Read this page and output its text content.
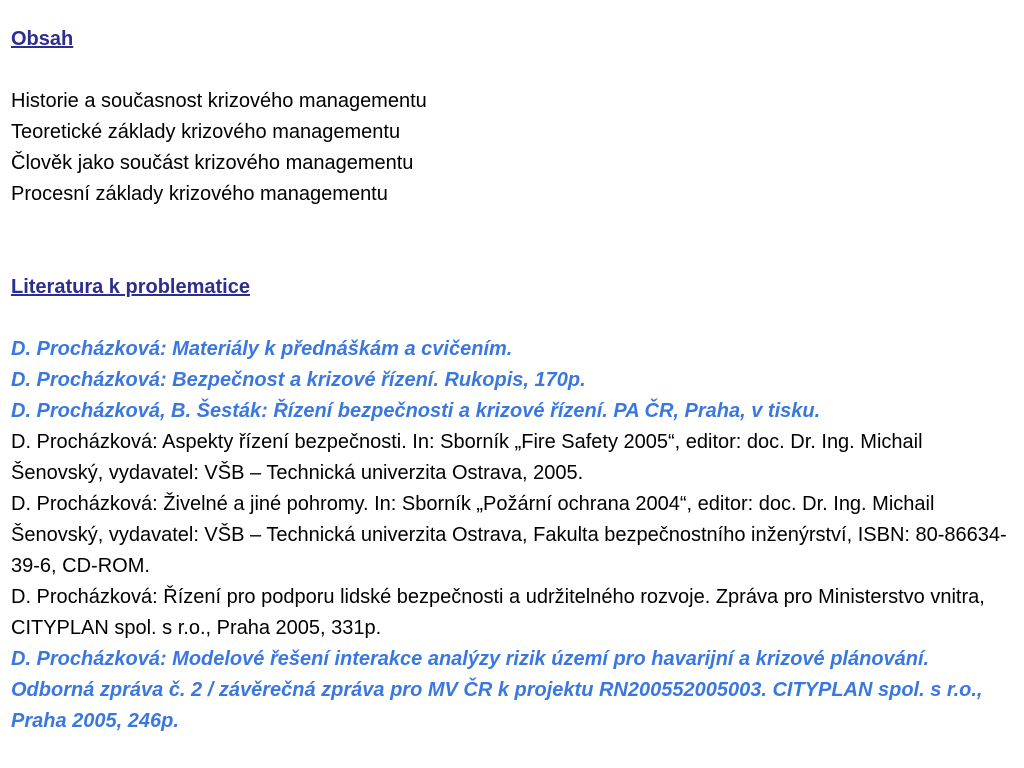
Obsah

Historie a současnost krizového managementu

Teoretické základy krizového managementu

Člověk jako součást krizového managementu

Procesní základy krizového managementu

Literatura k problematice

D. Procházková: Materiály k přednáškám a cvičením.

D. Procházková: Bezpečnost a krizové řízení. Rukopis, 170p.

D. Procházková, B. Šesták: Řízení bezpečnosti a krizové řízení. PA ČR, Praha, v tisku.

D. Procházková: Aspekty řízení bezpečnosti. In: Sborník „Fire Safety 2005“, editor: doc. Dr. Ing. Michail Šenovský, vydavatel: VŠB – Technická univerzita Ostrava, 2005.

D. Procházková: Živelné a jiné pohromy. In: Sborník „Požární ochrana 2004“, editor: doc. Dr. Ing. Michail Šenovský, vydavatel: VŠB – Technická univerzita Ostrava, Fakulta bezpečnostního inženýrství, ISBN: 80-86634-39-6, CD-ROM.

D. Procházková: Řízení pro podporu lidské bezpečnosti a udržitelného rozvoje. Zpráva pro Ministerstvo vnitra, CITYPLAN spol. s r.o., Praha 2005, 331p.

D. Procházková: Modelové řešení interakce analýzy rizik území pro havarijní a krizové plánování. Odborná zpráva č. 2 / závěrečná zpráva pro MV ČR k projektu RN200552005003. CITYPLAN spol. s r.o., Praha 2005, 246p.
